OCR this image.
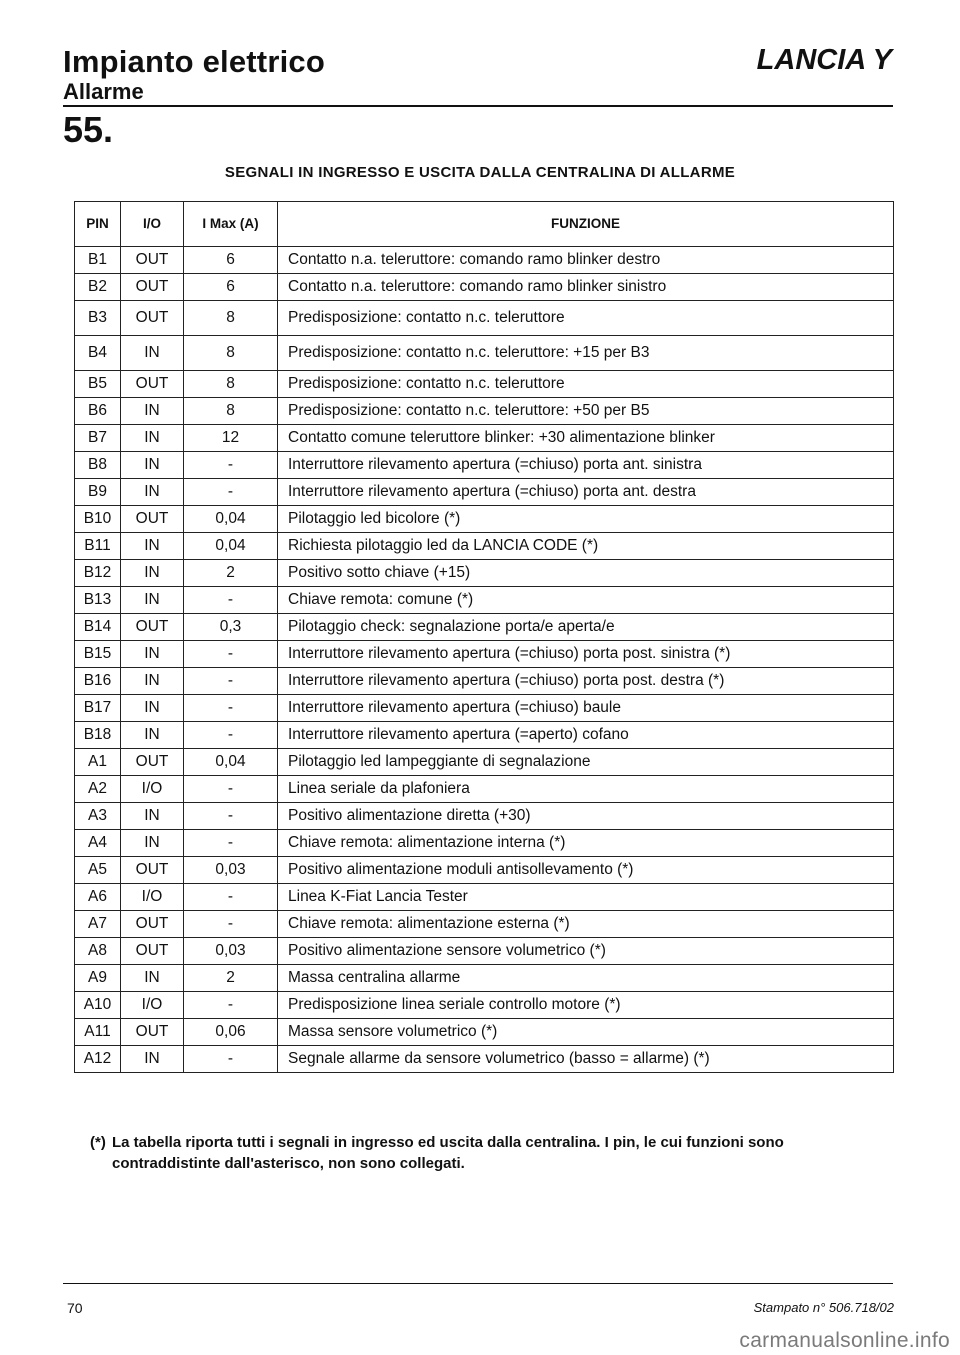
Impianto elettrico
Allarme
LANCIA Y
55.
SEGNALI IN INGRESSO E USCITA DALLA CENTRALINA DI ALLARME
PIN	I/O	I Max (A)	FUNZIONE
B1	OUT	6	Contatto n.a. teleruttore: comando ramo blinker destro
B2	OUT	6	Contatto n.a. teleruttore: comando ramo blinker sinistro
B3	OUT	8	Predisposizione: contatto n.c. teleruttore
B4	IN	8	Predisposizione: contatto n.c. teleruttore: +15 per B3
B5	OUT	8	Predisposizione: contatto n.c. teleruttore
B6	IN	8	Predisposizione: contatto n.c. teleruttore: +50 per B5
B7	IN	12	Contatto comune teleruttore blinker: +30 alimentazione blinker
B8	IN	-	Interruttore rilevamento apertura (=chiuso) porta ant. sinistra
B9	IN	-	Interruttore rilevamento apertura (=chiuso) porta ant. destra
B10	OUT	0,04	Pilotaggio led bicolore (*)
B11	IN	0,04	Richiesta pilotaggio led da LANCIA CODE (*)
B12	IN	2	Positivo sotto chiave (+15)
B13	IN	-	Chiave remota: comune (*)
B14	OUT	0,3	Pilotaggio check: segnalazione porta/e aperta/e
B15	IN	-	Interruttore rilevamento apertura (=chiuso) porta post. sinistra (*)
B16	IN	-	Interruttore rilevamento apertura (=chiuso) porta post. destra (*)
B17	IN	-	Interruttore rilevamento apertura (=chiuso) baule
B18	IN	-	Interruttore rilevamento apertura (=aperto) cofano
A1	OUT	0,04	Pilotaggio led lampeggiante di segnalazione
A2	I/O	-	Linea seriale da plafoniera
A3	IN	-	Positivo alimentazione diretta (+30)
A4	IN	-	Chiave remota: alimentazione interna (*)
A5	OUT	0,03	Positivo alimentazione moduli antisollevamento (*)
A6	I/O	-	Linea K-Fiat Lancia Tester
A7	OUT	-	Chiave remota: alimentazione esterna (*)
A8	OUT	0,03	Positivo alimentazione sensore volumetrico (*)
A9	IN	2	Massa centralina allarme
A10	I/O	-	Predisposizione linea seriale controllo motore (*)
A11	OUT	0,06	Massa sensore volumetrico (*)
A12	IN	-	Segnale allarme da sensore volumetrico (basso = allarme) (*)
(*) La tabella riporta tutti i segnali in ingresso ed uscita dalla centralina. I pin, le cui funzioni sono
contraddistinte dall'asterisco, non sono collegati.
70	Stampato n° 506.718/02
carmanualsonline.info
